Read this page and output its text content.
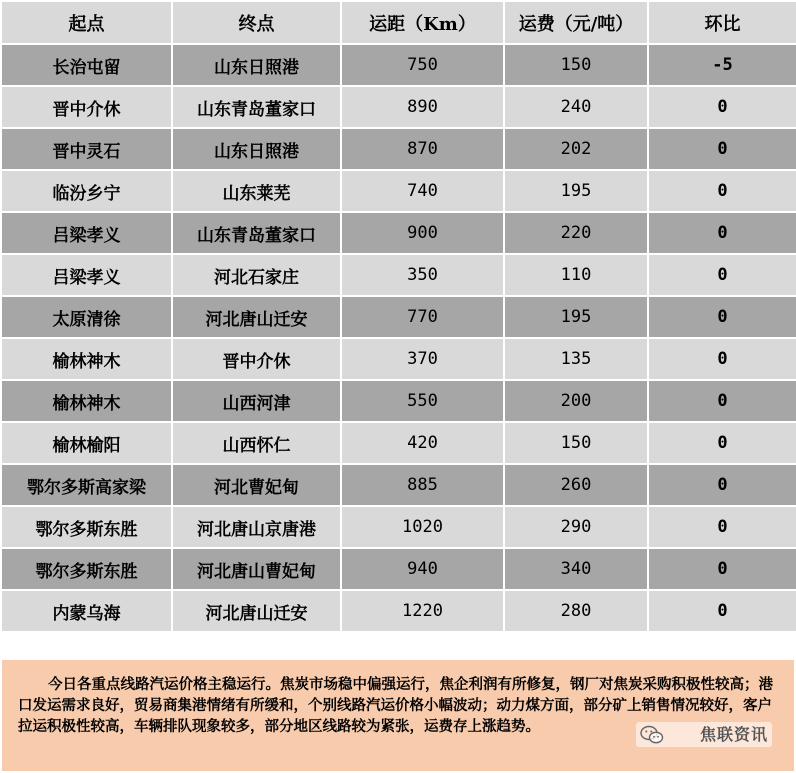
起点	终点	运距（Km）	运费（元/吨）	环比
长治屯留	山东日照港	750	150	-5
晋中介休	山东青岛董家口	890	240	0
晋中灵石	山东日照港	870	202	0
临汾乡宁	山东莱芜	740	195	0
吕梁孝义	山东青岛董家口	900	220	0
吕梁孝义	河北石家庄	350	110	0
太原清徐	河北唐山迁安	770	195	0
榆林神木	晋中介休	370	135	0
榆林神木	山西河津	550	200	0
榆林榆阳	山西怀仁	420	150	0
鄂尔多斯高家梁	河北曹妃甸	885	260	0
鄂尔多斯东胜	河北唐山京唐港	1020	290	0
鄂尔多斯东胜	河北唐山曹妃甸	940	340	0
内蒙乌海	河北唐山迁安	1220	280	0
今日各重点线路汽运价格主稳运行。焦炭市场稳中偏强运行，焦企利润有所修复，钢厂对焦炭采购积极性较高；港口发运需求良好，贸易商集港情绪有所缓和，个别线路汽运价格小幅波动；动力煤方面，部分矿上销售情况较好，客户拉运积极性较高，车辆排队现象较多，部分地区线路较为紧张，运费存上涨趋势。	焦联资讯
